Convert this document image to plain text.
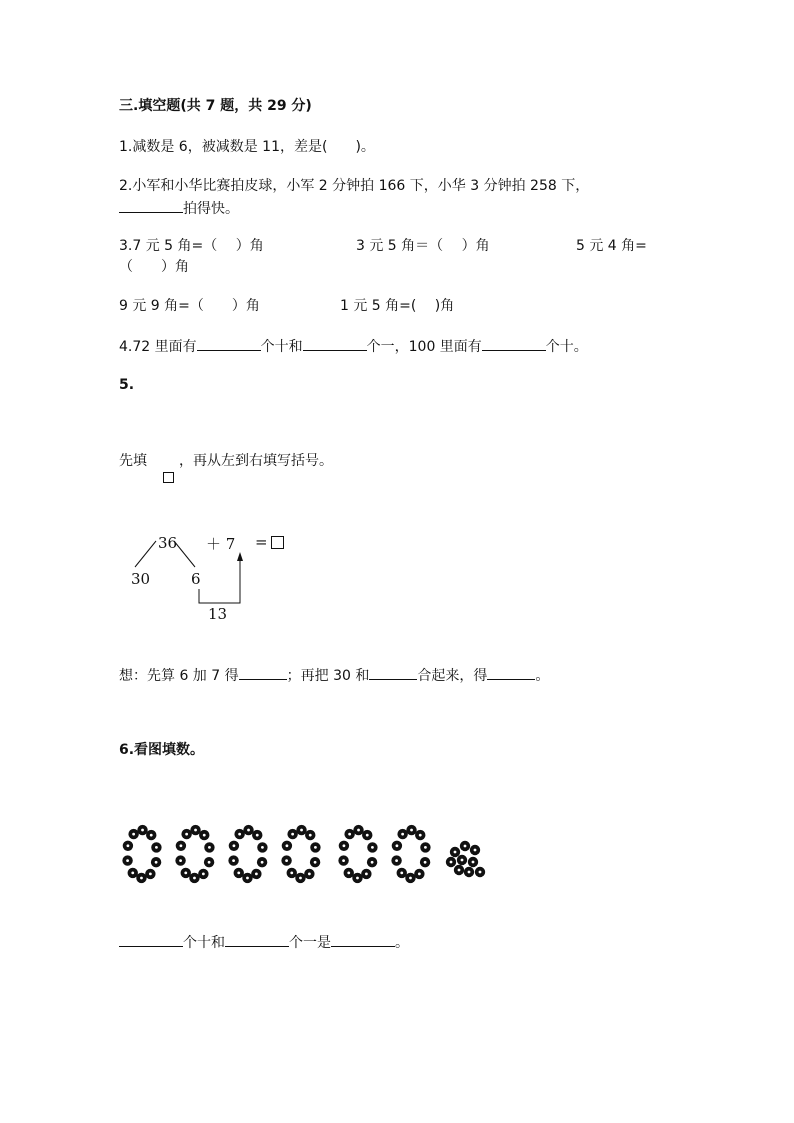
三.填空题(共 7 题，共 29 分)
1.减数是 6，被减数是 11，差是(　　)。
2.小军和小华比赛拍皮球，小军 2 分钟拍 166 下，小华 3 分钟拍 258 下，
拍得快。
3.7 元 5 角=（　 ）角	3 元 5 角＝（　 ）角	5 元 4 角=
（　　）角
9 元 9 角=（　　）角	1 元 5 角=(　 )角
4.72 里面有	个十和	个一，100 里面有	个十。
5.
先填 ，再从左到右填写括号。
36 ＋ 7 =
30	6
13
想：先算 6 加 7 得	；再把 30 和	合起来，得	。
6.看图填数。
个十和	个一是	。
